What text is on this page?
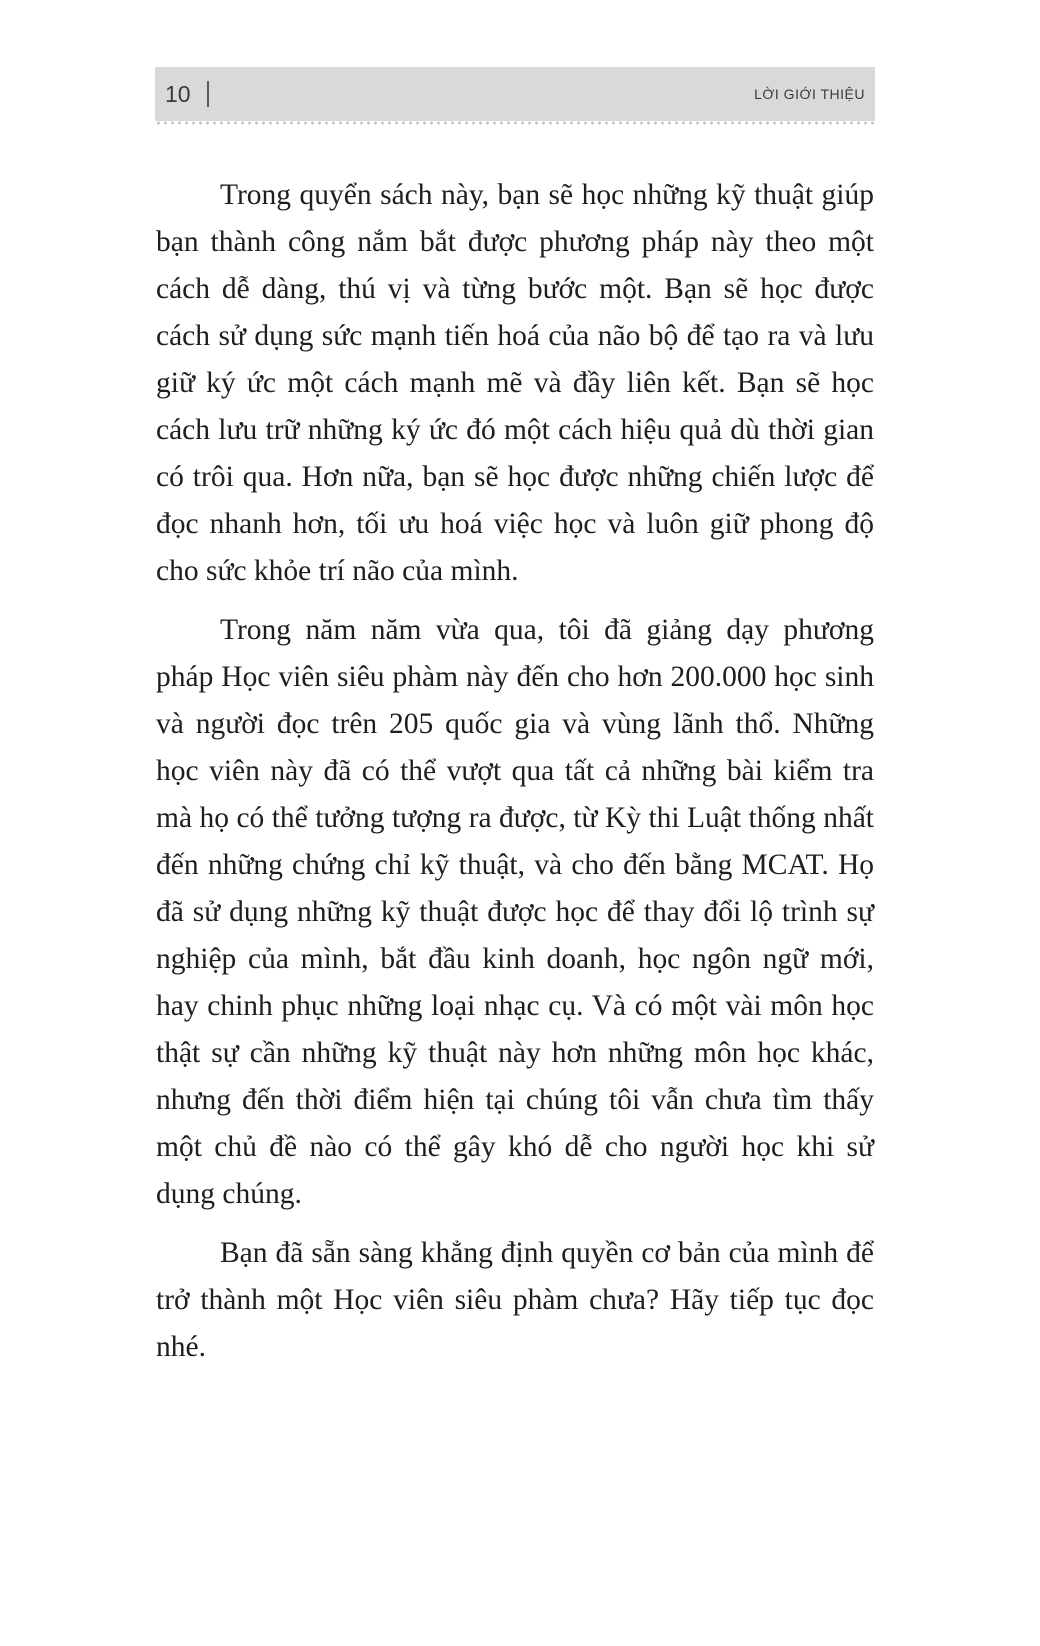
10	LỜI GIỚI THIỆU

Trong quyển sách này, bạn sẽ học những kỹ thuật giúp bạn thành công nắm bắt được phương pháp này theo một cách dễ dàng, thú vị và từng bước một. Bạn sẽ học được cách sử dụng sức mạnh tiến hoá của não bộ để tạo ra và lưu giữ ký ức một cách mạnh mẽ và đầy liên kết. Bạn sẽ học cách lưu trữ những ký ức đó một cách hiệu quả dù thời gian có trôi qua. Hơn nữa, bạn sẽ học được những chiến lược để đọc nhanh hơn, tối ưu hoá việc học và luôn giữ phong độ cho sức khỏe trí não của mình.

Trong năm năm vừa qua, tôi đã giảng dạy phương pháp Học viên siêu phàm này đến cho hơn 200.000 học sinh và người đọc trên 205 quốc gia và vùng lãnh thổ. Những học viên này đã có thể vượt qua tất cả những bài kiểm tra mà họ có thể tưởng tượng ra được, từ Kỳ thi Luật thống nhất đến những chứng chỉ kỹ thuật, và cho đến bằng MCAT. Họ đã sử dụng những kỹ thuật được học để thay đổi lộ trình sự nghiệp của mình, bắt đầu kinh doanh, học ngôn ngữ mới, hay chinh phục những loại nhạc cụ. Và có một vài môn học thật sự cần những kỹ thuật này hơn những môn học khác, nhưng đến thời điểm hiện tại chúng tôi vẫn chưa tìm thấy một chủ đề nào có thể gây khó dễ cho người học khi sử dụng chúng.

Bạn đã sẵn sàng khẳng định quyền cơ bản của mình để trở thành một Học viên siêu phàm chưa? Hãy tiếp tục đọc nhé.
